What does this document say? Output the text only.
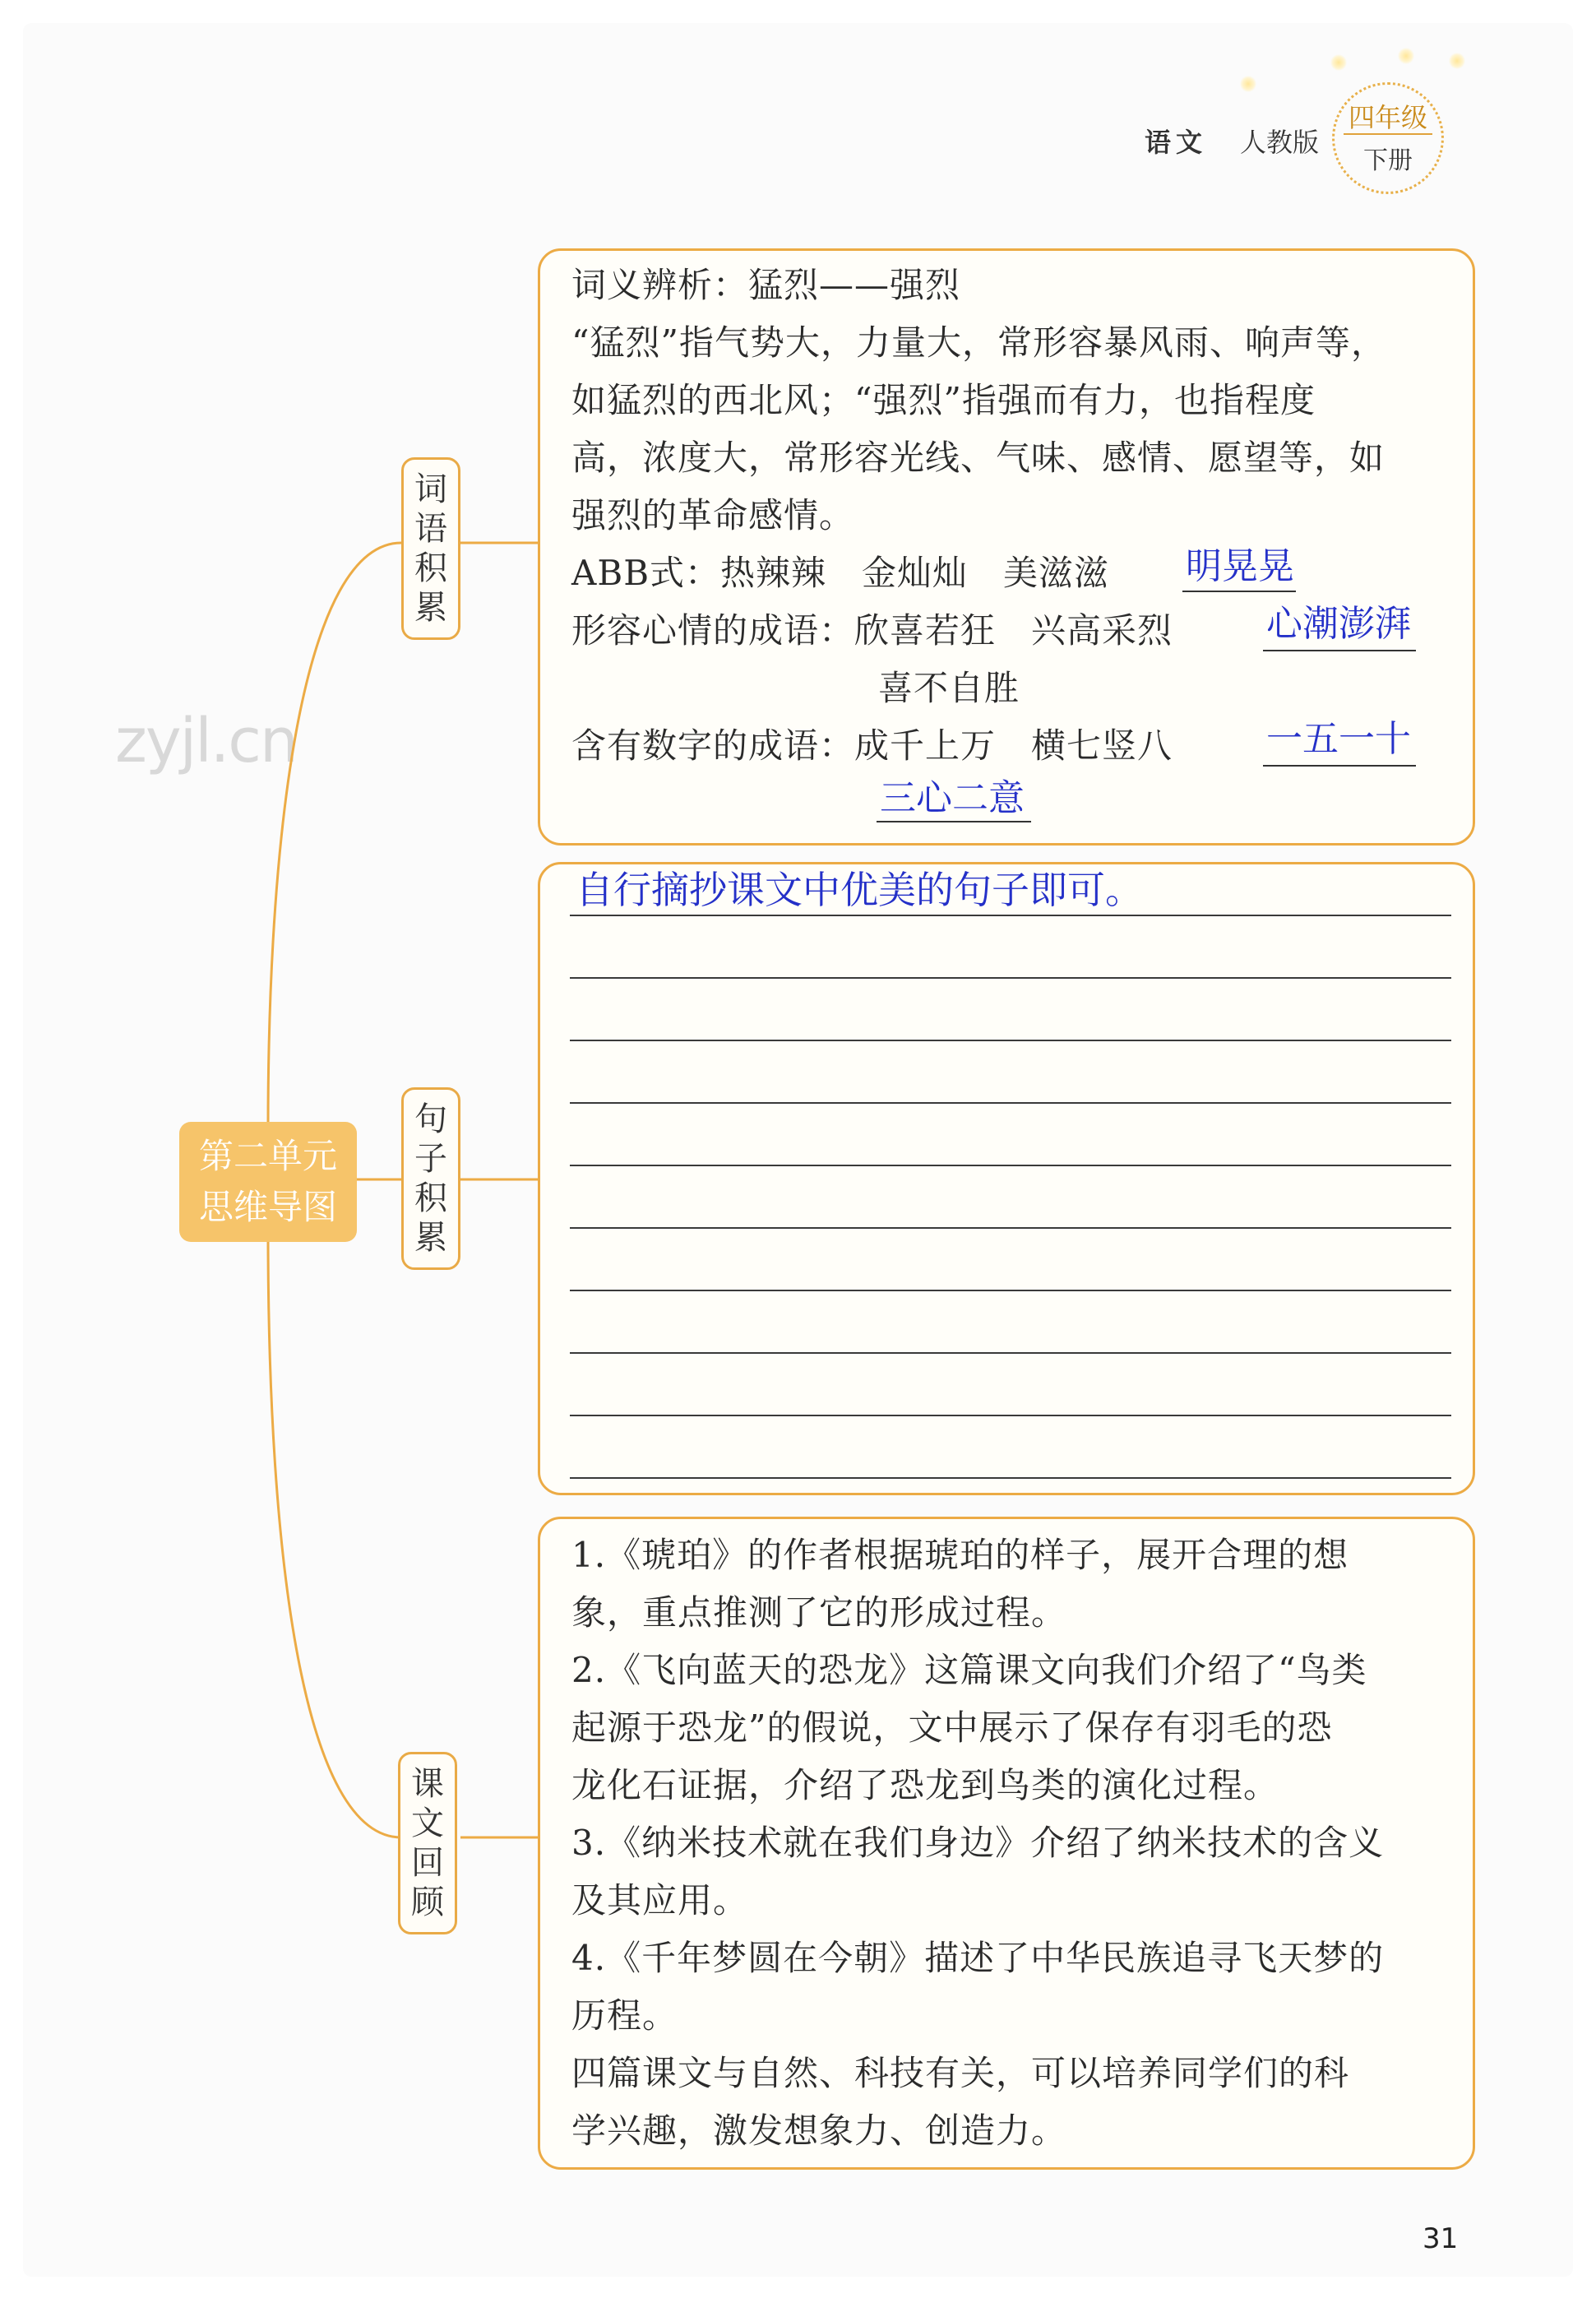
语文 人教版
四年级
下册
zyjl.cn
第二单元
思维导图
词
语
积
累
句
子
积
累
课
文
回
顾
词义辨析：猛烈——强烈
“猛烈”指气势大，力量大，常形容暴风雨、响声等，
如猛烈的西北风；“强烈”指强而有力，也指程度
高，浓度大，常形容光线、气味、感情、愿望等，如
强烈的革命感情。
ABB式：热辣辣　金灿灿　美滋滋 明晃晃
形容心情的成语：欣喜若狂　兴高采烈	心潮澎湃
喜不自胜
含有数字的成语：成千上万　横七竖八	一五一十
三心二意
自行摘抄课文中优美的句子即可。
1.《琥珀》的作者根据琥珀的样子，展开合理的想
象，重点推测了它的形成过程。
2.《飞向蓝天的恐龙》这篇课文向我们介绍了“鸟类
起源于恐龙”的假说，文中展示了保存有羽毛的恐
龙化石证据，介绍了恐龙到鸟类的演化过程。
3.《纳米技术就在我们身边》介绍了纳米技术的含义
及其应用。
4.《千年梦圆在今朝》描述了中华民族追寻飞天梦的
历程。
四篇课文与自然、科技有关，可以培养同学们的科
学兴趣，激发想象力、创造力。
31
